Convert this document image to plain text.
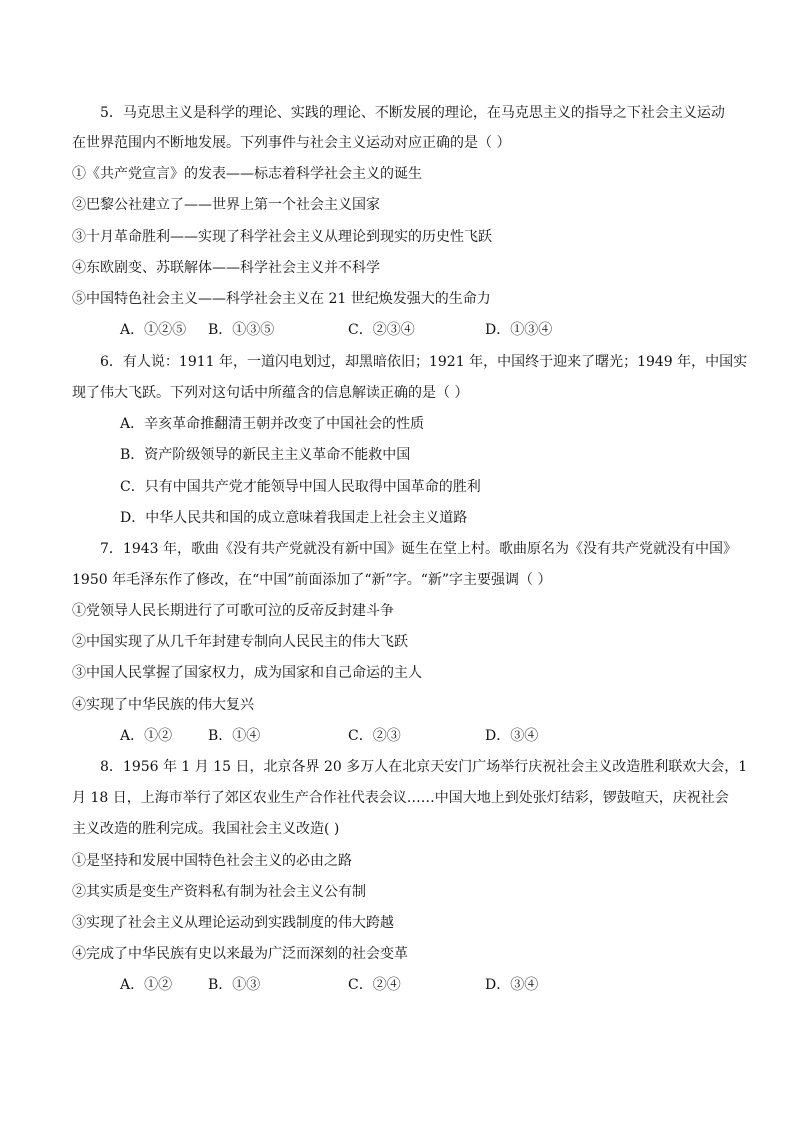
5．马克思主义是科学的理论、实践的理论、不断发展的理论，在马克思主义的指导之下社会主义运动
在世界范围内不断地发展。下列事件与社会主义运动对应正确的是（ ）
①《共产党宣言》的发表——标志着科学社会主义的诞生
②巴黎公社建立了——世界上第一个社会主义国家
③十月革命胜利——实现了科学社会主义从理论到现实的历史性飞跃
④东欧剧变、苏联解体——科学社会主义并不科学
⑤中国特色社会主义——科学社会主义在 21 世纪焕发强大的生命力
A．①②⑤ B．①③⑤	C．②③④	D．①③④
6．有人说：1911 年，一道闪电划过，却黑暗依旧；1921 年，中国终于迎来了曙光；1949 年，中国实
现了伟大飞跃。下列对这句话中所蕴含的信息解读正确的是（ ）
A．辛亥革命推翻清王朝并改变了中国社会的性质
B．资产阶级领导的新民主主义革命不能救中国
C．只有中国共产党才能领导中国人民取得中国革命的胜利
D．中华人民共和国的成立意味着我国走上社会主义道路
7．1943 年，歌曲《没有共产党就没有新中国》诞生在堂上村。歌曲原名为《没有共产党就没有中国》
1950 年毛泽东作了修改，在“中国”前面添加了“新”字。“新”字主要强调（ ）
①党领导人民长期进行了可歌可泣的反帝反封建斗争
②中国实现了从几千年封建专制向人民民主的伟大飞跃
③中国人民掌握了国家权力，成为国家和自己命运的主人
④实现了中华民族的伟大复兴
A．①②	B．①④	C．②③	D．③④
8．1956 年 1 月 15 日，北京各界 20 多万人在北京天安门广场举行庆祝社会主义改造胜利联欢大会，1
月 18 日，上海市举行了郊区农业生产合作社代表会议……中国大地上到处张灯结彩，锣鼓喧天，庆祝社会
主义改造的胜利完成。我国社会主义改造( )
①是坚持和发展中国特色社会主义的必由之路
②其实质是变生产资料私有制为社会主义公有制
③实现了社会主义从理论运动到实践制度的伟大跨越
④完成了中华民族有史以来最为广泛而深刻的社会变革
A．①②	B．①③	C．②④	D．③④
